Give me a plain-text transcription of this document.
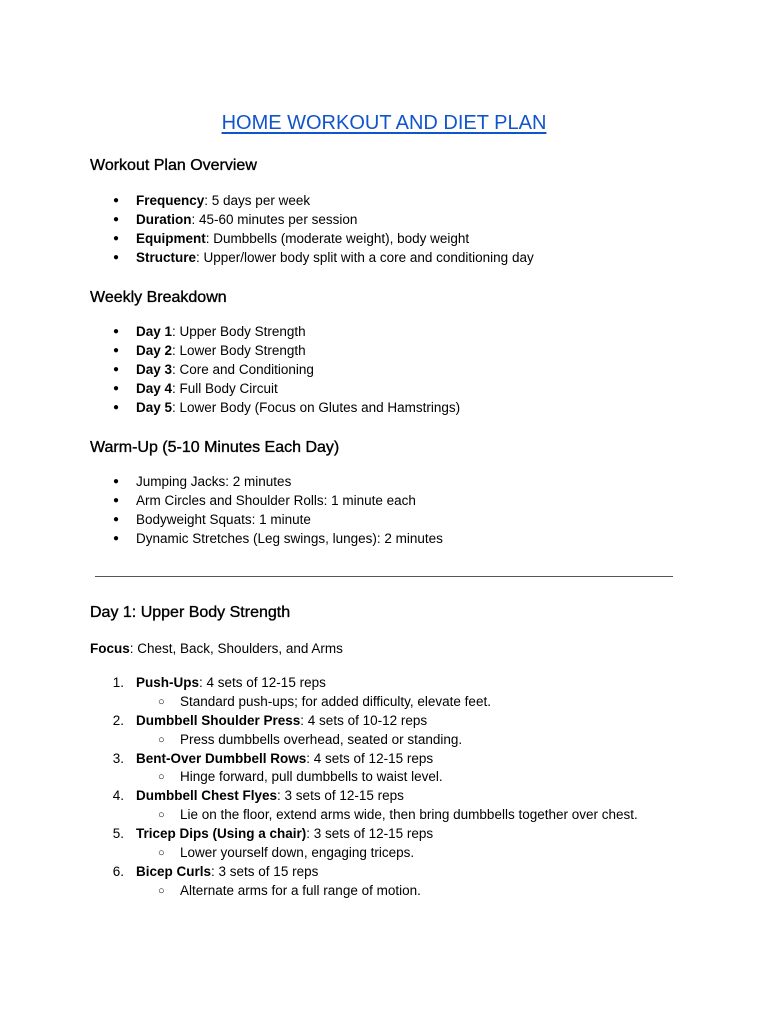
HOME WORKOUT AND DIET PLAN
Workout Plan Overview
● Frequency: 5 days per week
● Duration: 45-60 minutes per session
● Equipment: Dumbbells (moderate weight), body weight
● Structure: Upper/lower body split with a core and conditioning day
Weekly Breakdown
● Day 1: Upper Body Strength
● Day 2: Lower Body Strength
● Day 3: Core and Conditioning
● Day 4: Full Body Circuit
● Day 5: Lower Body (Focus on Glutes and Hamstrings)
Warm-Up (5-10 Minutes Each Day)
● Jumping Jacks: 2 minutes
● Arm Circles and Shoulder Rolls: 1 minute each
● Bodyweight Squats: 1 minute
● Dynamic Stretches (Leg swings, lunges): 2 minutes
Day 1: Upper Body Strength
Focus: Chest, Back, Shoulders, and Arms
1. Push-Ups: 4 sets of 12-15 reps
○ Standard push-ups; for added difficulty, elevate feet.
2. Dumbbell Shoulder Press: 4 sets of 10-12 reps
○ Press dumbbells overhead, seated or standing.
3. Bent-Over Dumbbell Rows: 4 sets of 12-15 reps
○ Hinge forward, pull dumbbells to waist level.
4. Dumbbell Chest Flyes: 3 sets of 12-15 reps
○ Lie on the floor, extend arms wide, then bring dumbbells together over chest.
5. Tricep Dips (Using a chair): 3 sets of 12-15 reps
○ Lower yourself down, engaging triceps.
6. Bicep Curls: 3 sets of 15 reps
○ Alternate arms for a full range of motion.
